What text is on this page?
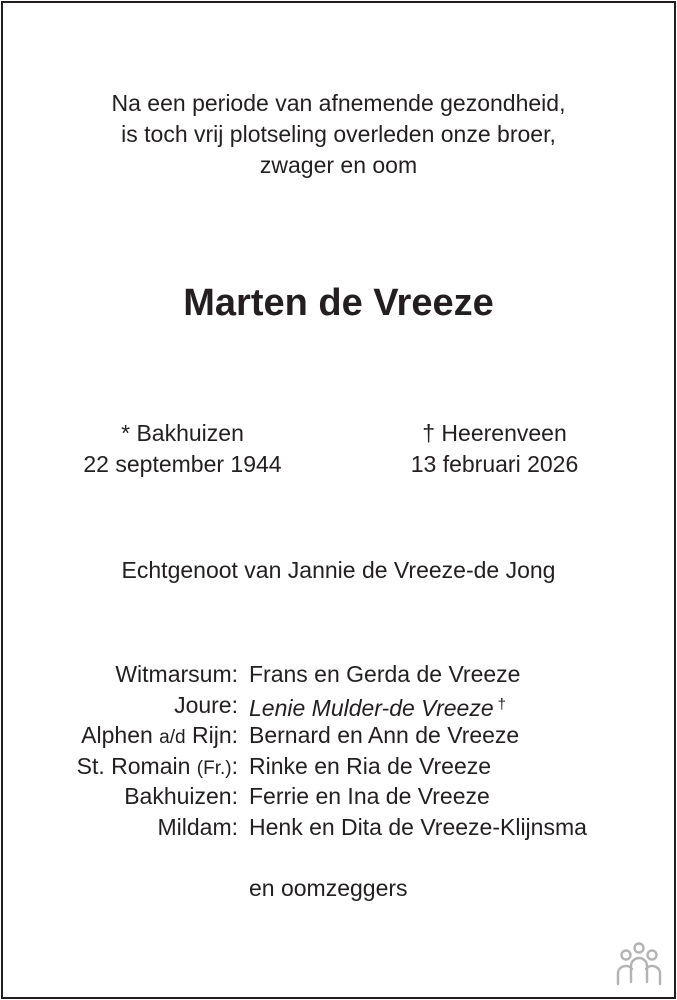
Na een periode van afnemende gezondheid,
is toch vrij plotseling overleden onze broer,
zwager en oom
Marten de Vreeze
* Bakhuizen
22 september 1944
† Heerenveen
13 februari 2026
Echtgenoot van Jannie de Vreeze-de Jong
Witmarsum: Frans en Gerda de Vreeze
Joure: Lenie Mulder-de Vreeze †
Alphen a/d Rijn: Bernard en Ann de Vreeze
St. Romain (Fr.): Rinke en Ria de Vreeze
Bakhuizen: Ferrie en Ina de Vreeze
Mildam: Henk en Dita de Vreeze-Klijnsma
en oomzeggers
